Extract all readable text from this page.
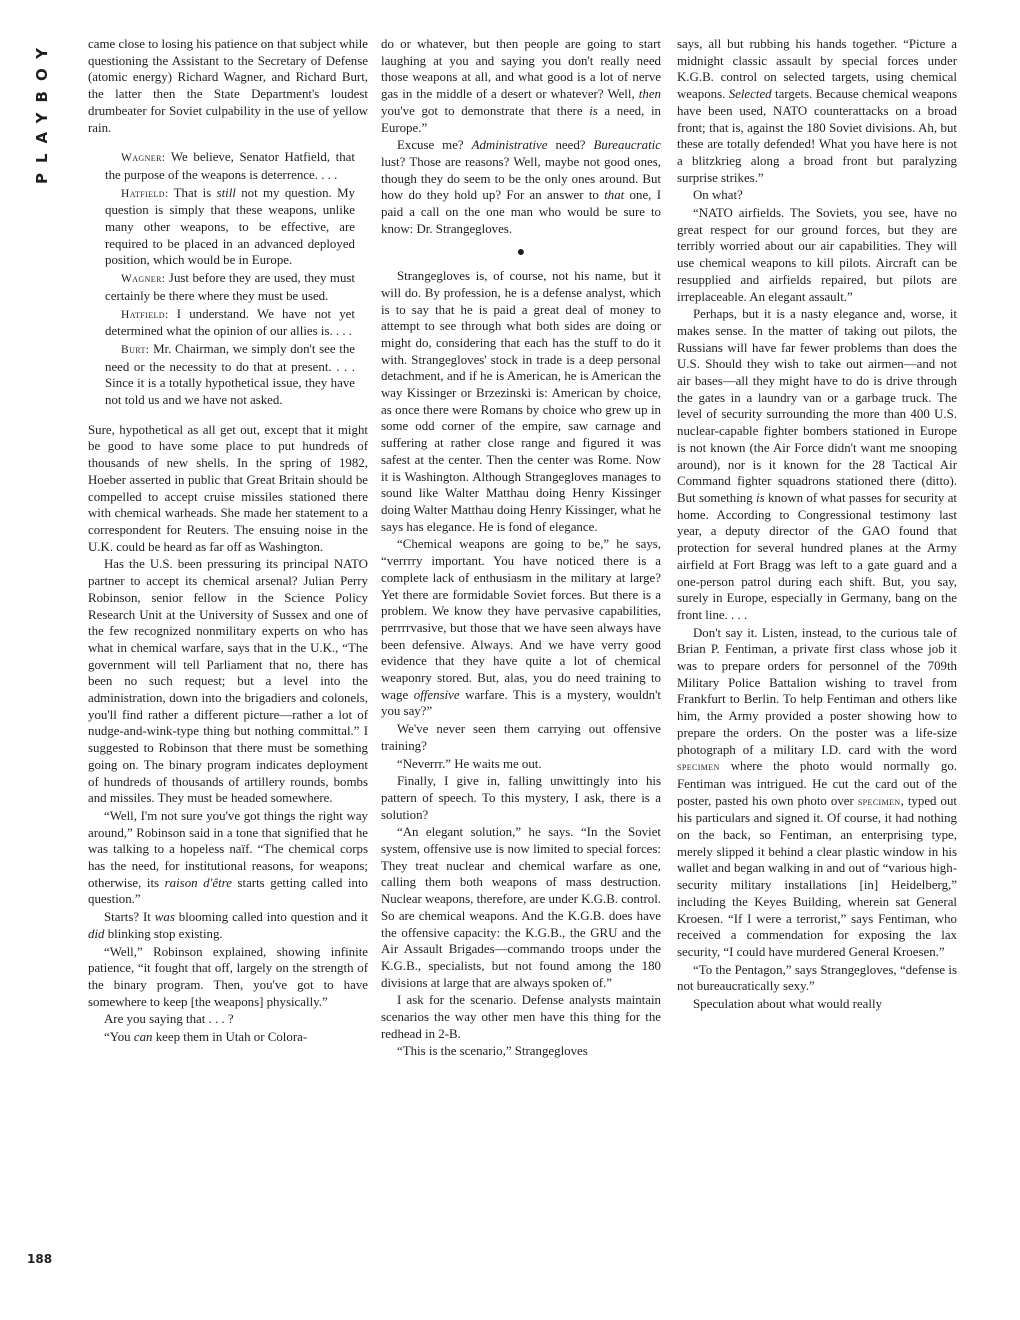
PLAYBOY
188

came close to losing his patience on that subject while questioning the Assistant to the Secretary of Defense (atomic energy) Richard Wagner, and Richard Burt, the latter then the State Department's loudest drumbeater for Soviet culpability in the use of yellow rain.

Wagner: We believe, Senator Hatfield, that the purpose of the weapons is deterrence. . . .

Hatfield: That is still not my question. My question is simply that these weapons, unlike many other weapons, to be effective, are required to be placed in an advanced deployed position, which would be in Europe.

Wagner: Just before they are used, they must certainly be there where they must be used.

Hatfield: I understand. We have not yet determined what the opinion of our allies is. . . .

Burt: Mr. Chairman, we simply don't see the need or the necessity to do that at present. . . . Since it is a totally hypothetical issue, they have not told us and we have not asked.

Sure, hypothetical as all get out, except that it might be good to have some place to put hundreds of thousands of new shells. In the spring of 1982, Hoeber asserted in public that Great Britain should be compelled to accept cruise missiles stationed there with chemical warheads. She made her statement to a correspondent for Reuters. The ensuing noise in the U.K. could be heard as far off as Washington.

Has the U.S. been pressuring its principal NATO partner to accept its chemical arsenal? Julian Perry Robinson, senior fellow in the Science Policy Research Unit at the University of Sussex and one of the few recognized nonmilitary experts on who has what in chemical warfare, says that in the U.K., “The government will tell Parliament that no, there has been no such request; but a level into the administration, down into the brigadiers and colonels, you'll find rather a different picture—rather a lot of nudge-and-wink-type thing but nothing committal.” I suggested to Robinson that there must be something going on. The binary program indicates deployment of hundreds of thousands of artillery rounds, bombs and missiles. They must be headed somewhere.

“Well, I'm not sure you've got things the right way around,” Robinson said in a tone that signified that he was talking to a hopeless naïf. “The chemical corps has the need, for institutional reasons, for weapons; otherwise, its raison d'être starts getting called into question.”

Starts? It was blooming called into question and it did blinking stop existing.

“Well,” Robinson explained, showing infinite patience, “it fought that off, largely on the strength of the binary program. Then, you've got to have somewhere to keep [the weapons] physically.”

Are you saying that . . . ?

“You can keep them in Utah or Colora-

do or whatever, but then people are going to start laughing at you and saying you don't really need those weapons at all, and what good is a lot of nerve gas in the middle of a desert or whatever? Well, then you've got to demonstrate that there is a need, in Europe.”

Excuse me? Administrative need? Bureaucratic lust? Those are reasons? Well, maybe not good ones, though they do seem to be the only ones around. But how do they hold up? For an answer to that one, I paid a call on the one man who would be sure to know: Dr. Strangegloves.

●

Strangegloves is, of course, not his name, but it will do. By profession, he is a defense analyst, which is to say that he is paid a great deal of money to attempt to see through what both sides are doing or might do, considering that each has the stuff to do it with. Strangegloves' stock in trade is a deep personal detachment, and if he is American, he is American the way Kissinger or Brzezinski is: American by choice, as once there were Romans by choice who grew up in some odd corner of the empire, saw carnage and suffering at rather close range and figured it was safest at the center. Then the center was Rome. Now it is Washington. Although Strangegloves manages to sound like Walter Matthau doing Henry Kissinger doing Walter Matthau doing Henry Kissinger, what he says has elegance. He is fond of elegance.

“Chemical weapons are going to be,” he says, “verrrry important. You have noticed there is a complete lack of enthusiasm in the military at large? Yet there are formidable Soviet forces. But there is a problem. We know they have pervasive capabilities, perrrrvasive, but those that we have seen always have been defensive. Always. And we have verry good evidence that they have quite a lot of chemical weaponry stored. But, alas, you do need training to wage offensive warfare. This is a mystery, wouldn't you say?”

We've never seen them carrying out offensive training?

“Neverrr.” He waits me out.

Finally, I give in, falling unwittingly into his pattern of speech. To this mystery, I ask, there is a solution?

“An elegant solution,” he says. “In the Soviet system, offensive use is now limited to special forces: They treat nuclear and chemical warfare as one, calling them both weapons of mass destruction. Nuclear weapons, therefore, are under K.G.B. control. So are chemical weapons. And the K.G.B. does have the offensive capacity: the K.G.B., the GRU and the Air Assault Brigades—commando troops under the K.G.B., specialists, but not found among the 180 divisions at large that are always spoken of.”

I ask for the scenario. Defense analysts maintain scenarios the way other men have this thing for the redhead in 2-B.

“This is the scenario,” Strangegloves

says, all but rubbing his hands together. “Picture a midnight classic assault by special forces under K.G.B. control on selected targets, using chemical weapons. Selected targets. Because chemical weapons have been used, NATO counterattacks on a broad front; that is, against the 180 Soviet divisions. Ah, but these are totally defended! What you have here is not a blitzkrieg along a broad front but paralyzing surprise strikes.”

On what?

“NATO airfields. The Soviets, you see, have no great respect for our ground forces, but they are terribly worried about our air capabilities. They will use chemical weapons to kill pilots. Aircraft can be resupplied and airfields repaired, but pilots are irreplaceable. An elegant assault.”

Perhaps, but it is a nasty elegance and, worse, it makes sense. In the matter of taking out pilots, the Russians will have far fewer problems than does the U.S. Should they wish to take out airmen—and not air bases—all they might have to do is drive through the gates in a laundry van or a garbage truck. The level of security surrounding the more than 400 U.S. nuclear-capable fighter bombers stationed in Europe is not known (the Air Force didn't want me snooping around), nor is it known for the 28 Tactical Air Command fighter squadrons stationed there (ditto). But something is known of what passes for security at home. According to Congressional testimony last year, a deputy director of the GAO found that protection for several hundred planes at the Army airfield at Fort Bragg was left to a gate guard and a one-person patrol during each shift. But, you say, surely in Europe, especially in Germany, bang on the front line. . . .

Don't say it. Listen, instead, to the curious tale of Brian P. Fentiman, a private first class whose job it was to prepare orders for personnel of the 709th Military Police Battalion wishing to travel from Frankfurt to Berlin. To help Fentiman and others like him, the Army provided a poster showing how to prepare the orders. On the poster was a life-size photograph of a military I.D. card with the word specimen where the photo would normally go. Fentiman was intrigued. He cut the card out of the poster, pasted his own photo over specimen, typed out his particulars and signed it. Of course, it had nothing on the back, so Fentiman, an enterprising type, merely slipped it behind a clear plastic window in his wallet and began walking in and out of “various high-security military installations [in] Heidelberg,” including the Keyes Building, wherein sat General Kroesen. “If I were a terrorist,” says Fentiman, who received a commendation for exposing the lax security, “I could have murdered General Kroesen.”

“To the Pentagon,” says Strangegloves, “defense is not bureaucratically sexy.”

Speculation about what would really
